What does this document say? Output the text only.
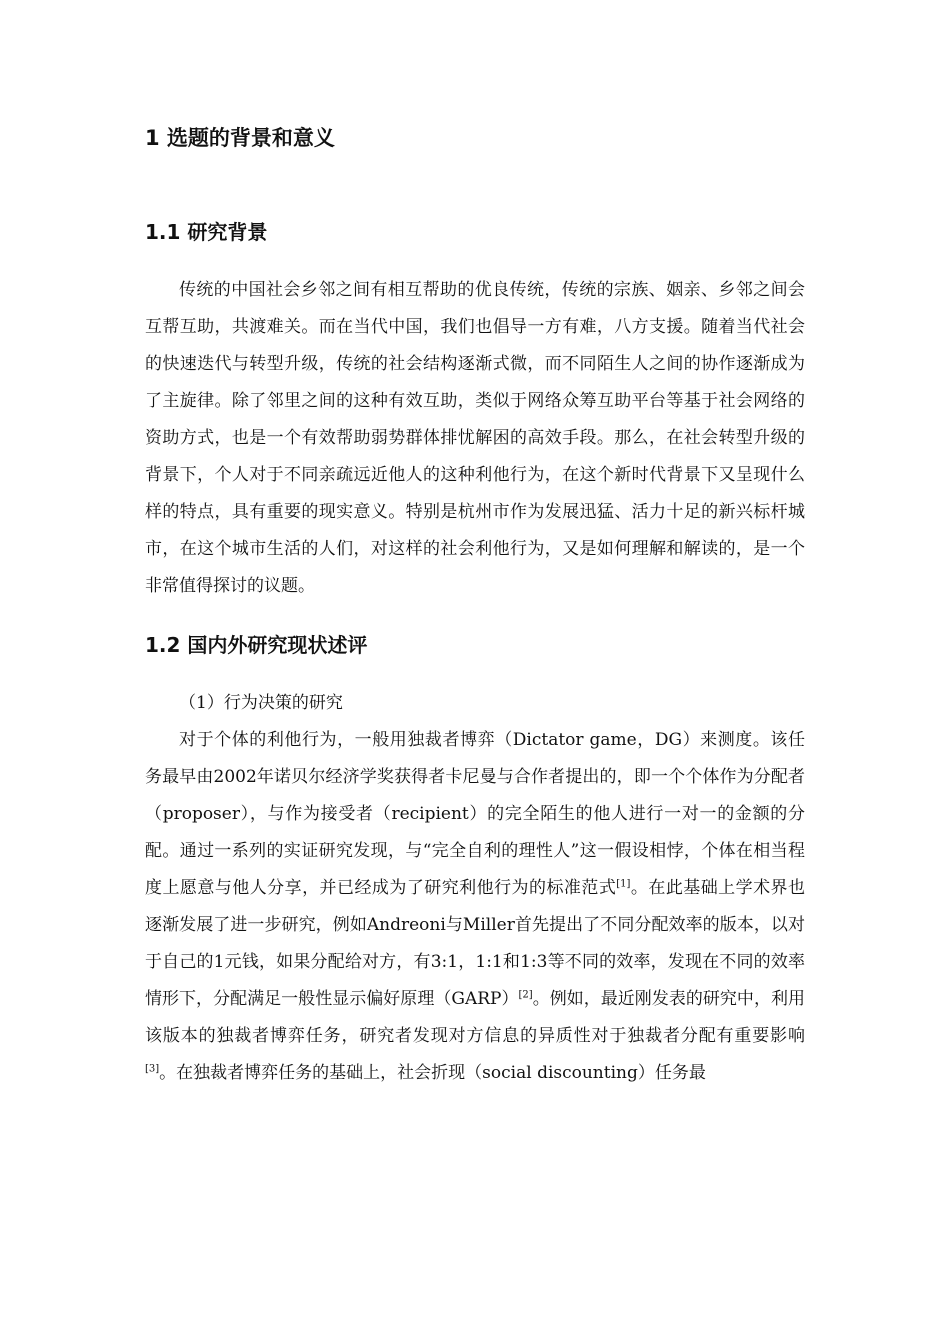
1 选题的背景和意义
1.1 研究背景

传统的中国社会乡邻之间有相互帮助的优良传统，传统的宗族、姻亲、乡邻之间会互帮互助，共渡难关。而在当代中国，我们也倡导一方有难，八方支援。随着当代社会的快速迭代与转型升级，传统的社会结构逐渐式微，而不同陌生人之间的协作逐渐成为了主旋律。除了邻里之间的这种有效互助，类似于网络众筹互助平台等基于社会网络的资助方式，也是一个有效帮助弱势群体排忧解困的高效手段。那么，在社会转型升级的背景下，个人对于不同亲疏远近他人的这种利他行为，在这个新时代背景下又呈现什么样的特点，具有重要的现实意义。特别是杭州市作为发展迅猛、活力十足的新兴标杆城市，在这个城市生活的人们，对这样的社会利他行为，又是如何理解和解读的，是一个非常值得探讨的议题。

1.2 国内外研究现状述评

（1）行为决策的研究

对于个体的利他行为，一般用独裁者博弈（Dictator game，DG）来测度。该任务最早由2002年诺贝尔经济学奖获得者卡尼曼与合作者提出的，即一个个体作为分配者（proposer），与作为接受者（recipient）的完全陌生的他人进行一对一的金额的分配。通过一系列的实证研究发现，与“完全自利的理性人”这一假设相悖，个体在相当程度上愿意与他人分享，并已经成为了研究利他行为的标准范式[1]。在此基础上学术界也逐渐发展了进一步研究，例如Andreoni与Miller首先提出了不同分配效率的版本，以对于自己的1元钱，如果分配给对方，有3:1，1:1和1:3等不同的效率，发现在不同的效率情形下，分配满足一般性显示偏好原理（GARP）[2]。例如，最近刚发表的研究中，利用该版本的独裁者博弈任务，研究者发现对方信息的异质性对于独裁者分配有重要影响[3]。在独裁者博弈任务的基础上，社会折现（social discounting）任务最
